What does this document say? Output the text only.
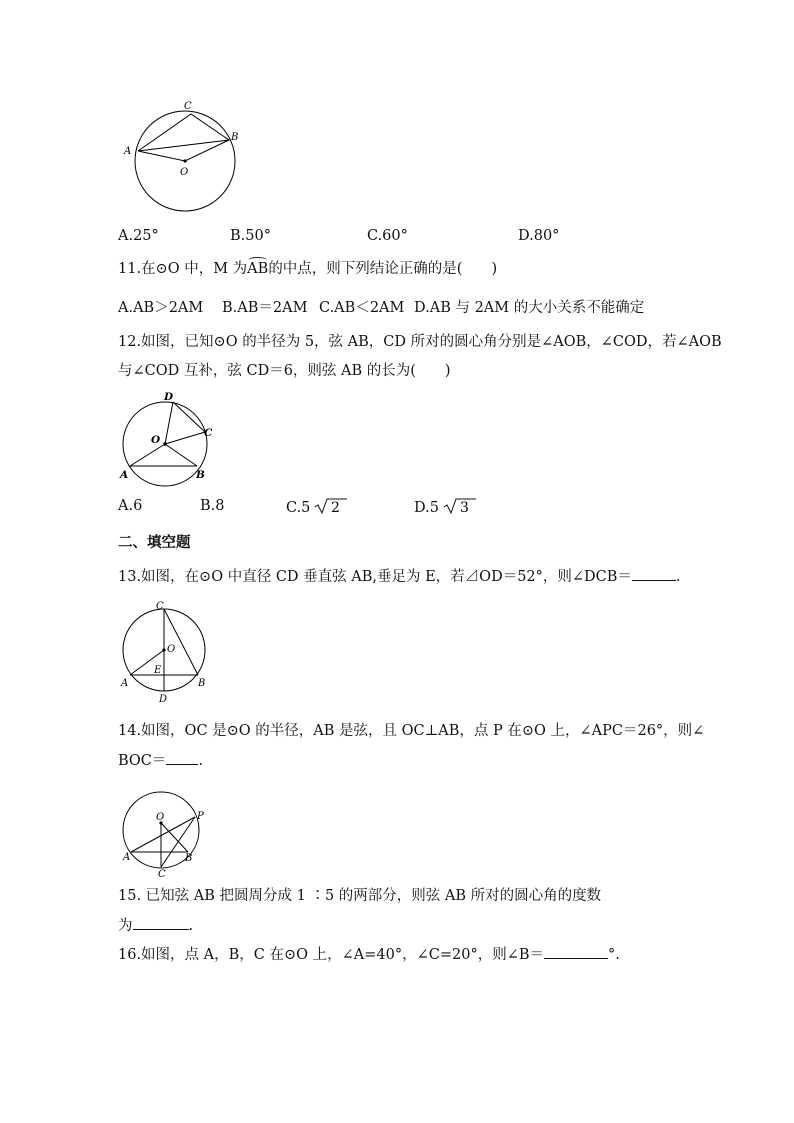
C
A
B
O
A.25°	B.50°	C.60°	D.80°
11.在⊙O 中，M 为AB的中点，则下列结论正确的是(　　)
A.AB＞2AM B.AB＝2AM C.AB＜2AM D.AB 与 2AM 的大小关系不能确定
12.如图，已知⊙O 的半径为 5，弦 AB，CD 所对的圆心角分别是∠AOB，∠COD，若∠AOB
与∠COD 互补，弦 CD＝6，则弦 AB 的长为(　　)
D
C
O
A	B
A.6	B.8	C.5 2	D.5 3
二、填空题
13.如图，在⊙O 中直径 CD 垂直弦 AB,垂足为 E，若⊿OD＝52°，则∠DCB＝	.
C
O
E
A	B
D
14.如图，OC 是⊙O 的半径，AB 是弦，且 OC⊥AB，点 P 在⊙O 上，∠APC＝26°，则∠
BOC＝ .
O	P
A	B
C
15. 已知弦 AB 把圆周分成 1 ∶5 的两部分，则弦 AB 所对的圆心角的度数
为	.
16.如图，点 A，B，C 在⊙O 上，∠A=40°，∠C=20°，则∠B＝	°.
